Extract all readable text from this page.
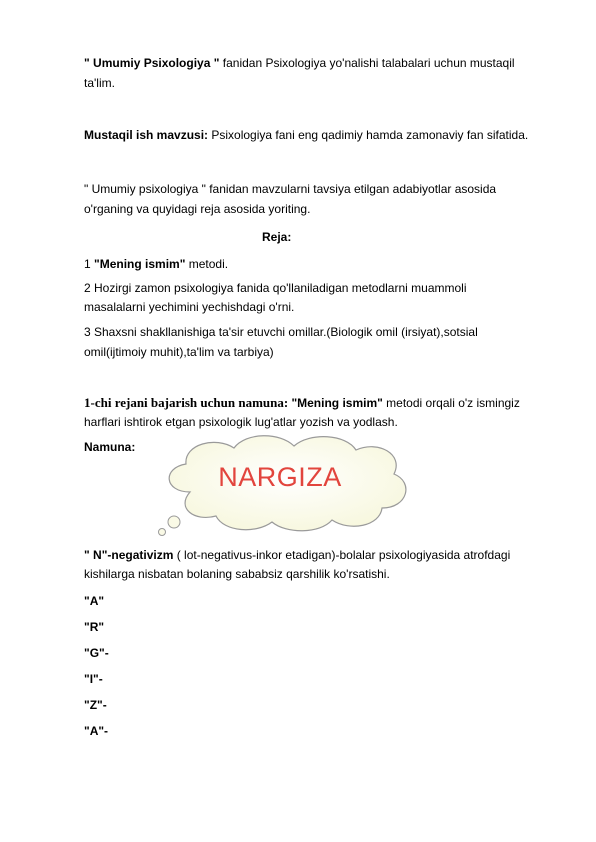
" Umumiy Psixologiya " fanidan Psixologiya yo'nalishi talabalari uchun mustaqil
ta'lim.
Mustaqil ish mavzusi: Psixologiya fani eng qadimiy hamda zamonaviy fan sifatida.
" Umumiy psixologiya " fanidan mavzularni tavsiya etilgan adabiyotlar asosida
o'rganing va quyidagi reja asosida yoriting.
Reja:
1 "Mening ismim" metodi.
2 Hozirgi zamon psixologiya fanida qo'llaniladigan metodlarni muammoli
masalalarni yechimini yechishdagi o'rni.
3 Shaxsni shakllanishiga ta'sir etuvchi omillar.(Biologik omil (irsiyat),sotsial
omil(ijtimoiy muhit),ta'lim va tarbiya)
1-chi rejani bajarish uchun namuna: "Mening ismim" metodi orqali o'z ismingiz
harflari ishtirok etgan psixologik lug'atlar yozish va yodlash.
Namuna:
NARGIZA
" N"-negativizm ( lot-negativus-inkor etadigan)-bolalar psixologiyasida atrofdagi
kishilarga nisbatan bolaning sababsiz qarshilik ko'rsatishi.
"A"
"R"
"G"-
"I"-
"Z"-
"A"-
